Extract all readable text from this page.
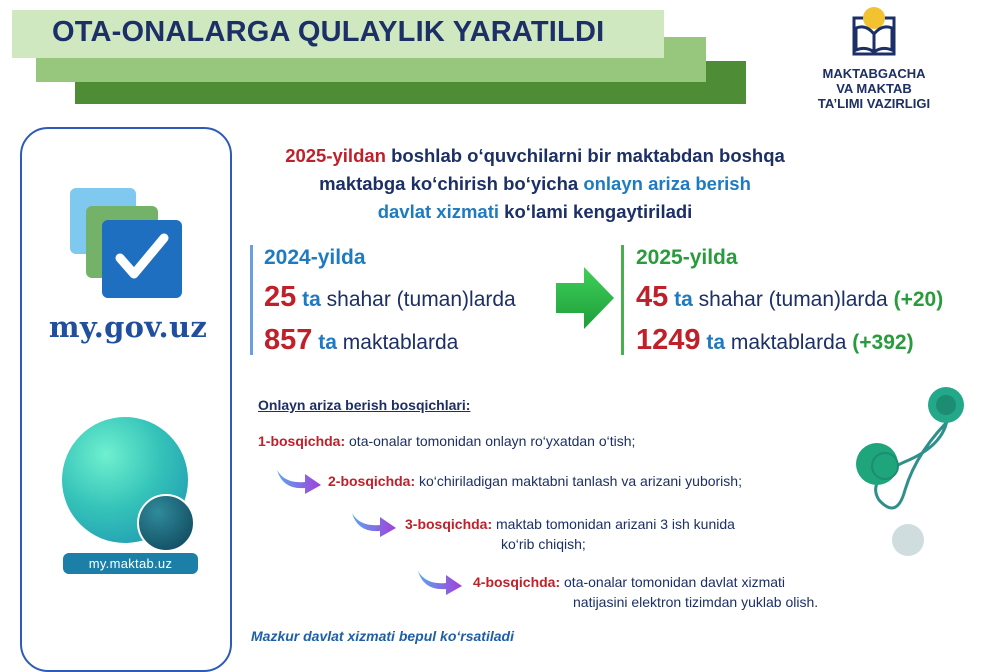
OTA-ONALARGA QULAYLIK YARATILDI
MAKTABGACHA
VA MAKTAB
TA’LIMI VAZIRLIGI
my.gov.uz
my.maktab.uz
2025-yildan boshlab o‘quvchilarni bir maktabdan boshqa
maktabga ko‘chirish bo‘yicha onlayn ariza berish
davlat xizmati ko‘lami kengaytiriladi
2024-yilda
25 ta shahar (tuman)larda
857 ta maktablarda
2025-yilda
45 ta shahar (tuman)larda (+20)
1249 ta maktablarda (+392)
Onlayn ariza berish bosqichlari:
1-bosqichda: ota-onalar tomonidan onlayn ro‘yxatdan o‘tish;
2-bosqichda: ko‘chiriladigan maktabni tanlash va arizani yuborish;
3-bosqichda: maktab tomonidan arizani 3 ish kunida
ko‘rib chiqish;
4-bosqichda: ota-onalar tomonidan davlat xizmati
natijasini elektron tizimdan yuklab olish.
Mazkur davlat xizmati bepul ko‘rsatiladi
